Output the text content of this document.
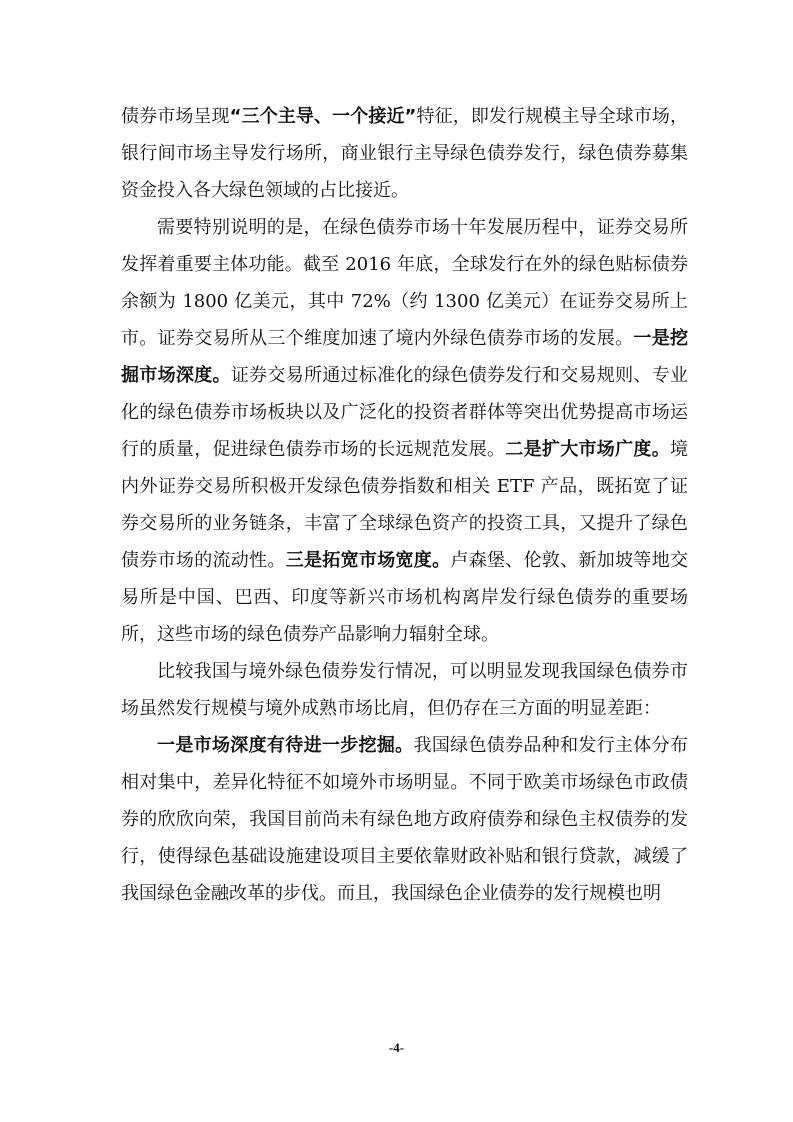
债券市场呈现“三个主导、一个接近”特征，即发行规模主导全球市场，银行间市场主导发行场所，商业银行主导绿色债券发行，绿色债券募集资金投入各大绿色领域的占比接近。

需要特别说明的是，在绿色债券市场十年发展历程中，证券交易所发挥着重要主体功能。截至 2016 年底，全球发行在外的绿色贴标债券余额为 1800 亿美元，其中 72%（约 1300 亿美元）在证券交易所上市。证券交易所从三个维度加速了境内外绿色债券市场的发展。一是挖掘市场深度。证券交易所通过标准化的绿色债券发行和交易规则、专业化的绿色债券市场板块以及广泛化的投资者群体等突出优势提高市场运行的质量，促进绿色债券市场的长远规范发展。二是扩大市场广度。境内外证券交易所积极开发绿色债券指数和相关 ETF 产品，既拓宽了证券交易所的业务链条，丰富了全球绿色资产的投资工具，又提升了绿色债券市场的流动性。三是拓宽市场宽度。卢森堡、伦敦、新加坡等地交易所是中国、巴西、印度等新兴市场机构离岸发行绿色债券的重要场所，这些市场的绿色债券产品影响力辐射全球。

比较我国与境外绿色债券发行情况，可以明显发现我国绿色债券市场虽然发行规模与境外成熟市场比肩，但仍存在三方面的明显差距：

一是市场深度有待进一步挖掘。我国绿色债券品种和发行主体分布相对集中，差异化特征不如境外市场明显。不同于欧美市场绿色市政债券的欣欣向荣，我国目前尚未有绿色地方政府债券和绿色主权债券的发行，使得绿色基础设施建设项目主要依靠财政补贴和银行贷款，减缓了我国绿色金融改革的步伐。而且，我国绿色企业债券的发行规模也明

-4-
